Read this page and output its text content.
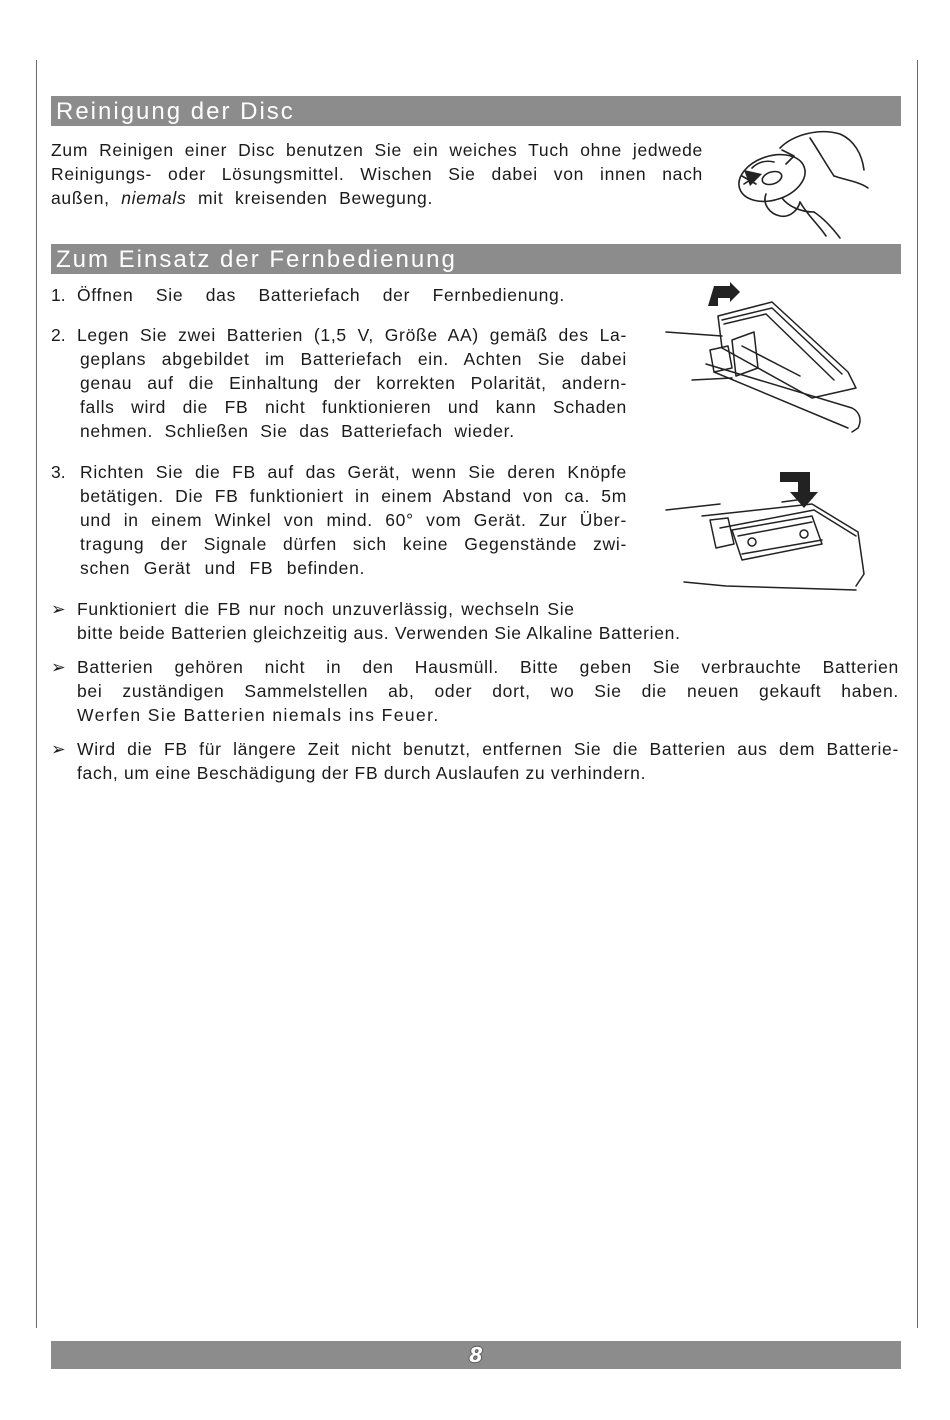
Reinigung der Disc
Zum Reinigen einer Disc benutzen Sie ein weiches Tuch ohne jedwede
Reinigungs- oder Lösungsmittel. Wischen Sie dabei von innen nach
außen, niemals mit kreisenden Bewegung.
Zum Einsatz der Fernbedienung
1. Öffnen Sie das Batteriefach der Fernbedienung.
2. Legen Sie zwei Batterien (1,5 V, Größe AA) gemäß des La-
geplans abgebildet im Batteriefach ein. Achten Sie dabei
genau auf die Einhaltung der korrekten Polarität, andern-
falls wird die FB nicht funktionieren und kann Schaden
nehmen. Schließen Sie das Batteriefach wieder.
3. Richten Sie die FB auf das Gerät, wenn Sie deren Knöpfe
betätigen. Die FB funktioniert in einem Abstand von ca. 5m
und in einem Winkel von mind. 60° vom Gerät. Zur Über-
tragung der Signale dürfen sich keine Gegenstände zwi-
schen Gerät und FB befinden.
➢ Funktioniert die FB nur noch unzuverlässig, wechseln Sie
bitte beide Batterien gleichzeitig aus. Verwenden Sie Alkaline Batterien.
➢ Batterien gehören nicht in den Hausmüll. Bitte geben Sie verbrauchte Batterien
bei zuständigen Sammelstellen ab, oder dort, wo Sie die neuen gekauft haben.
Werfen Sie Batterien niemals ins Feuer.
➢ Wird die FB für längere Zeit nicht benutzt, entfernen Sie die Batterien aus dem Batterie-
fach, um eine Beschädigung der FB durch Auslaufen zu verhindern.
8
